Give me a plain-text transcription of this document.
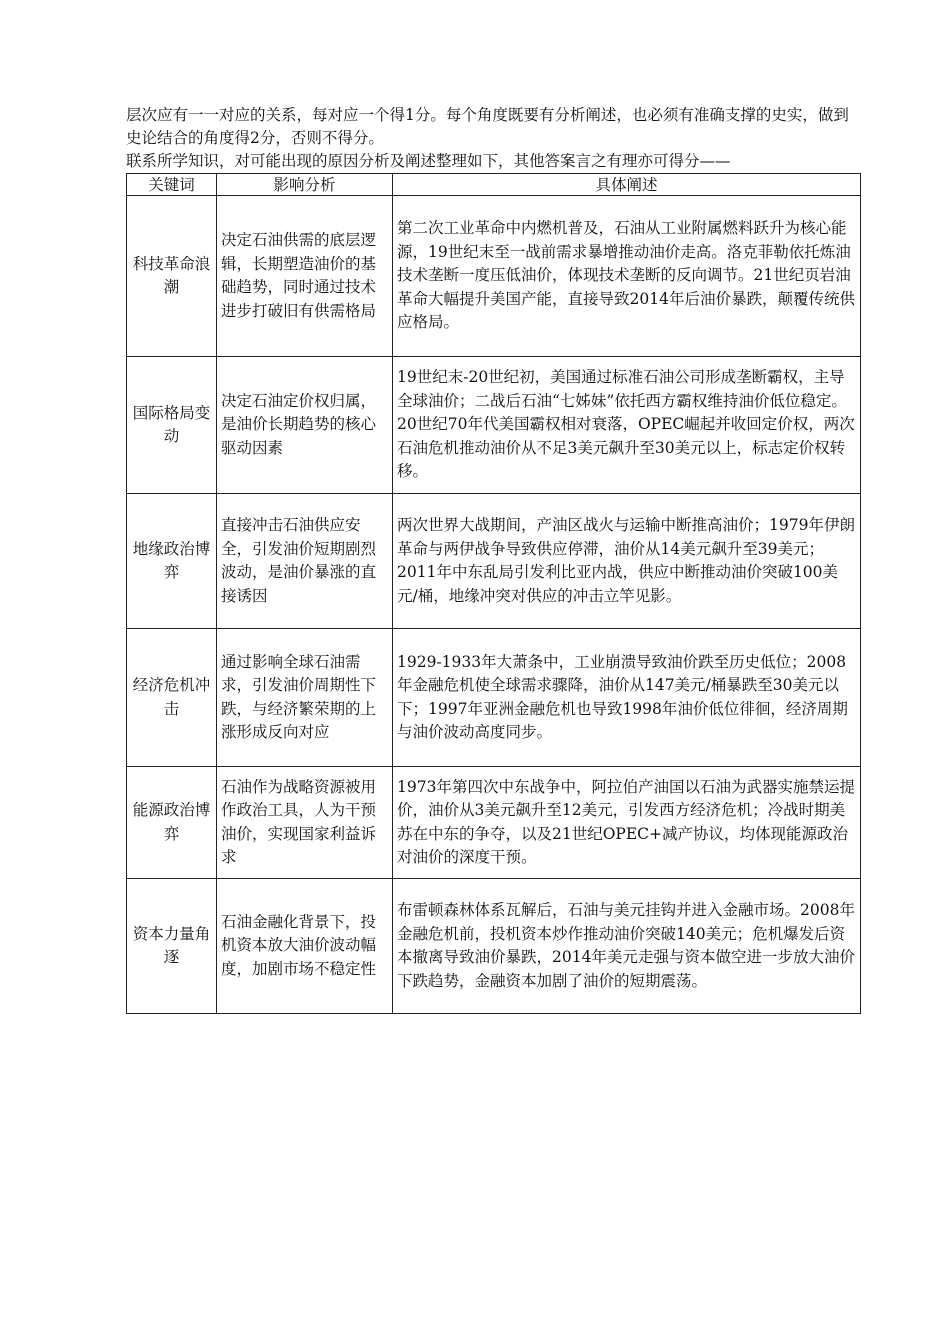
层次应有一一对应的关系，每对应一个得1分。每个角度既要有分析阐述，也必须有准确支撑的史实，做到史论结合的角度得2分，否则不得分。

联系所学知识，对可能出现的原因分析及阐述整理如下，其他答案言之有理亦可得分——

关键词	影响分析	具体阐述
科技革命浪潮	决定石油供需的底层逻辑，长期塑造油价的基础趋势，同时通过技术进步打破旧有供需格局	第二次工业革命中内燃机普及，石油从工业附属燃料跃升为核心能源，19世纪末至一战前需求暴增推动油价走高。洛克菲勒依托炼油技术垄断一度压低油价，体现技术垄断的反向调节。21世纪页岩油革命大幅提升美国产能，直接导致2014年后油价暴跌，颠覆传统供应格局。
国际格局变动	决定石油定价权归属，是油价长期趋势的核心驱动因素	19世纪末-20世纪初，美国通过标准石油公司形成垄断霸权，主导全球油价；二战后石油“七姊妹”依托西方霸权维持油价低位稳定。20世纪70年代美国霸权相对衰落，OPEC崛起并收回定价权，两次石油危机推动油价从不足3美元飙升至30美元以上，标志定价权转移。
地缘政治博弈	直接冲击石油供应安全，引发油价短期剧烈波动，是油价暴涨的直接诱因	两次世界大战期间，产油区战火与运输中断推高油价；1979年伊朗革命与两伊战争导致供应停滞，油价从14美元飙升至39美元；2011年中东乱局引发利比亚内战，供应中断推动油价突破100美元/桶，地缘冲突对供应的冲击立竿见影。
经济危机冲击	通过影响全球石油需求，引发油价周期性下跌，与经济繁荣期的上涨形成反向对应	1929-1933年大萧条中，工业崩溃导致油价跌至历史低位；2008年金融危机使全球需求骤降，油价从147美元/桶暴跌至30美元以下；1997年亚洲金融危机也导致1998年油价低位徘徊，经济周期与油价波动高度同步。
能源政治博弈	石油作为战略资源被用作政治工具，人为干预油价，实现国家利益诉求	1973年第四次中东战争中，阿拉伯产油国以石油为武器实施禁运提价，油价从3美元飙升至12美元，引发西方经济危机；冷战时期美苏在中东的争夺，以及21世纪OPEC+减产协议，均体现能源政治对油价的深度干预。
资本力量角逐	石油金融化背景下，投机资本放大油价波动幅度，加剧市场不稳定性	布雷顿森林体系瓦解后，石油与美元挂钩并进入金融市场。2008年金融危机前，投机资本炒作推动油价突破140美元；危机爆发后资本撤离导致油价暴跌，2014年美元走强与资本做空进一步放大油价下跌趋势，金融资本加剧了油价的短期震荡。
